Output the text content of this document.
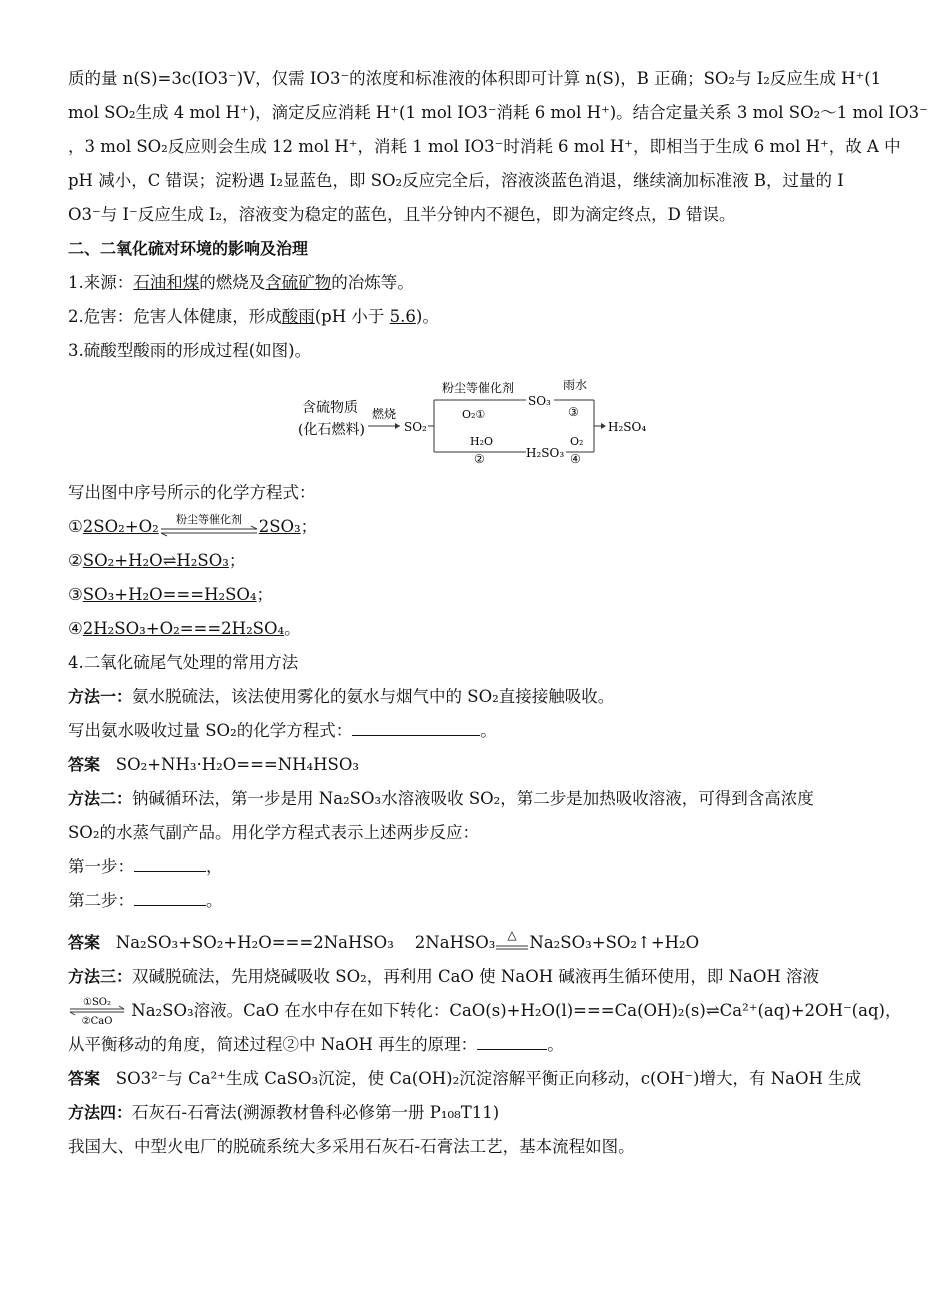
质的量 n(S)=3c(IO3⁻)V，仅需 IO3⁻的浓度和标准液的体积即可计算 n(S)，B 正确；SO₂与 I₂反应生成 H⁺(1
mol SO₂生成 4 mol H⁺)，滴定反应消耗 H⁺(1 mol IO3⁻消耗 6 mol H⁺)。结合定量关系 3 mol SO₂～1 mol IO3⁻
，3 mol SO₂反应则会生成 12 mol H⁺，消耗 1 mol IO3⁻时消耗 6 mol H⁺，即相当于生成 6 mol H⁺，故 A 中
pH 减小，C 错误；淀粉遇 I₂显蓝色，即 SO₂反应完全后，溶液淡蓝色消退，继续滴加标准液 B，过量的 I
O3⁻与 I⁻反应生成 I₂，溶液变为稳定的蓝色，且半分钟内不褪色，即为滴定终点，D 错误。
二、二氧化硫对环境的影响及治理
1.来源：石油和煤的燃烧及含硫矿物的冶炼等。
2.危害：危害人体健康，形成酸雨(pH 小于 5.6)。
3.硫酸型酸雨的形成过程(如图)。
含硫物质
(化石燃料)
燃烧
SO₂
粉尘等催化剂
O₂①
SO₃
H₂O
②	H₂SO₃
雨水
③
O₂
④
H₂SO₄
写出图中序号所示的化学方程式：
①2SO₂+O₂ 粉尘等催化剂 2SO₃；
②SO₂+H₂O⇌H₂SO₃；
③SO₃+H₂O===H₂SO₄；
④2H₂SO₃+O₂===2H₂SO₄。
4.二氧化硫尾气处理的常用方法
方法一：氨水脱硫法，该法使用雾化的氨水与烟气中的 SO₂直接接触吸收。
写出氨水吸收过量 SO₂的化学方程式：	。
答案 SO₂+NH₃·H₂O===NH₄HSO₃
方法二：钠碱循环法，第一步是用 Na₂SO₃水溶液吸收 SO₂，第二步是加热吸收溶液，可得到含高浓度
SO₂的水蒸气副产品。用化学方程式表示上述两步反应：
第一步：	，
第二步：	。
答案 Na₂SO₃+SO₂+H₂O===2NaHSO₃ 2NaHSO₃ △ Na₂SO₃+SO₂↑+H₂O
方法三：双碱脱硫法，先用烧碱吸收 SO₂，再利用 CaO 使 NaOH 碱液再生循环使用，即 NaOH 溶液
①SO₂
②CaO
Na₂SO₃溶液。CaO 在水中存在如下转化：CaO(s)+H₂O(l)===Ca(OH)₂(s)⇌Ca²⁺(aq)+2OH⁻(aq)，
从平衡移动的角度，简述过程②中 NaOH 再生的原理：	。
答案 SO3²⁻与 Ca²⁺生成 CaSO₃沉淀，使 Ca(OH)₂沉淀溶解平衡正向移动，c(OH⁻)增大，有 NaOH 生成
方法四：石灰石-石膏法(溯源教材鲁科必修第一册 P₁₀₈T11)
我国大、中型火电厂的脱硫系统大多采用石灰石-石膏法工艺，基本流程如图。
